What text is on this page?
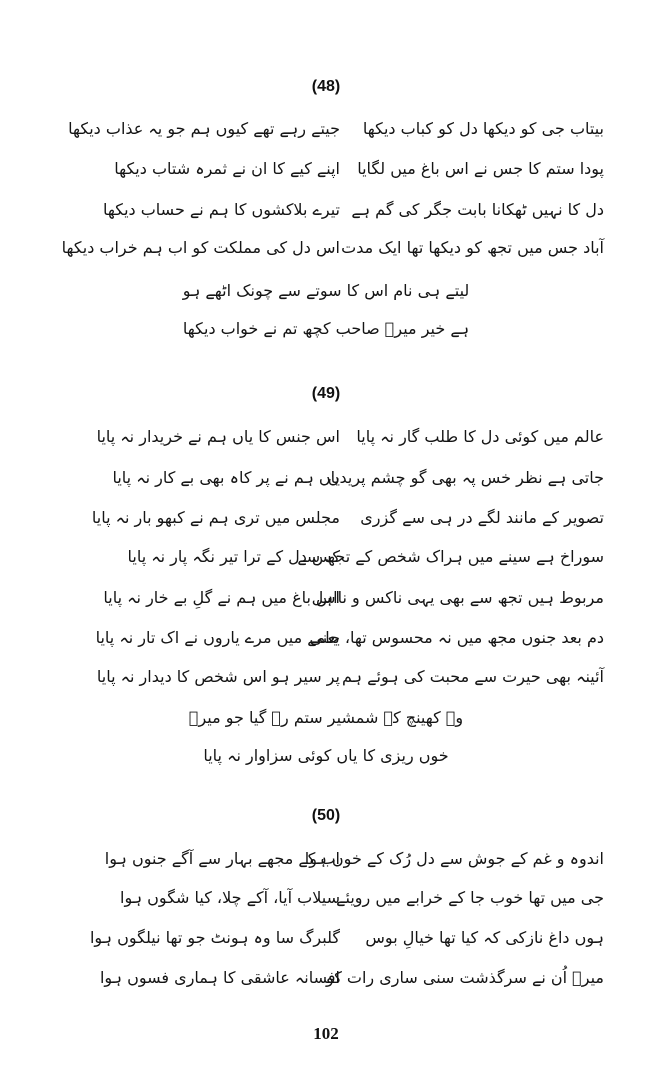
(48)
بیتاب جی کو دیکھا دل کو کباب دیکھا
جیتے رہے تھے کیوں ہم جو یہ عذاب دیکھا
پودا ستم کا جس نے اس باغ میں لگایا
اپنے کیے کا ان نے ثمرہ شتاب دیکھا
دل کا نہیں ٹھکانا بابت جگر کی گم ہے
تیرے بلاکشوں کا ہم نے حساب دیکھا
آباد جس میں تجھ کو دیکھا تھا ایک مدت
اس دل کی مملکت کو اب ہم خراب دیکھا
لیتے ہی نام اس کا سوتے سے چونک اٹھے ہو
ہے خیر میرؔ صاحب کچھ تم نے خواب دیکھا
(49)
عالم میں کوئی دل کا طلب گار نہ پایا
اس جنس کا یاں ہم نے خریدار نہ پایا
جاتی ہے نظر خس پہ بھی گو چشم پریدن
یاں ہم نے پر کاہ بھی بے کار نہ پایا
تصویر کے مانند لگے در ہی سے گزری
مجلس میں تری ہم نے کبھو بار نہ پایا
سوراخ ہے سینے میں ہراک شخص کے تجھ سے
کس دل کے ترا تیر نگہ پار نہ پایا
مربوط ہیں تجھ سے بھی یہی ناکس و نااہل
اس باغ میں ہم نے گلِ بے خار نہ پایا
دم بعد جنوں مجھ میں نہ محسوس تھا، یعنی
جامے میں مرے یاروں نے اک تار نہ پایا
آئینہ بھی حیرت سے محبت کی ہوئے ہم
پر سیر ہو اس شخص کا دیدار نہ پایا
وہ کھینچ کے شمشیر ستم رہ گیا جو میرؔ
خوں ریزی کا یاں کوئی سزاوار نہ پایا
(50)
اندوہ و غم کے جوش سے دل رُک کے خوں ہوا
اب کے مجھے بہار سے آگے جنوں ہوا
جی میں تھا خوب جا کے خرابے میں رویئے
سیلاب آیا، آکے چلا، کیا شگوں ہوا
ہوں داغ نازکی کہ کیا تھا خیالِ بوس
گلبرگ سا وہ ہونٹ جو تھا نیلگوں ہوا
میرؔ اُن نے سرگذشت سنی ساری رات کو
افسانہ عاشقی کا ہماری فسوں ہوا
102
